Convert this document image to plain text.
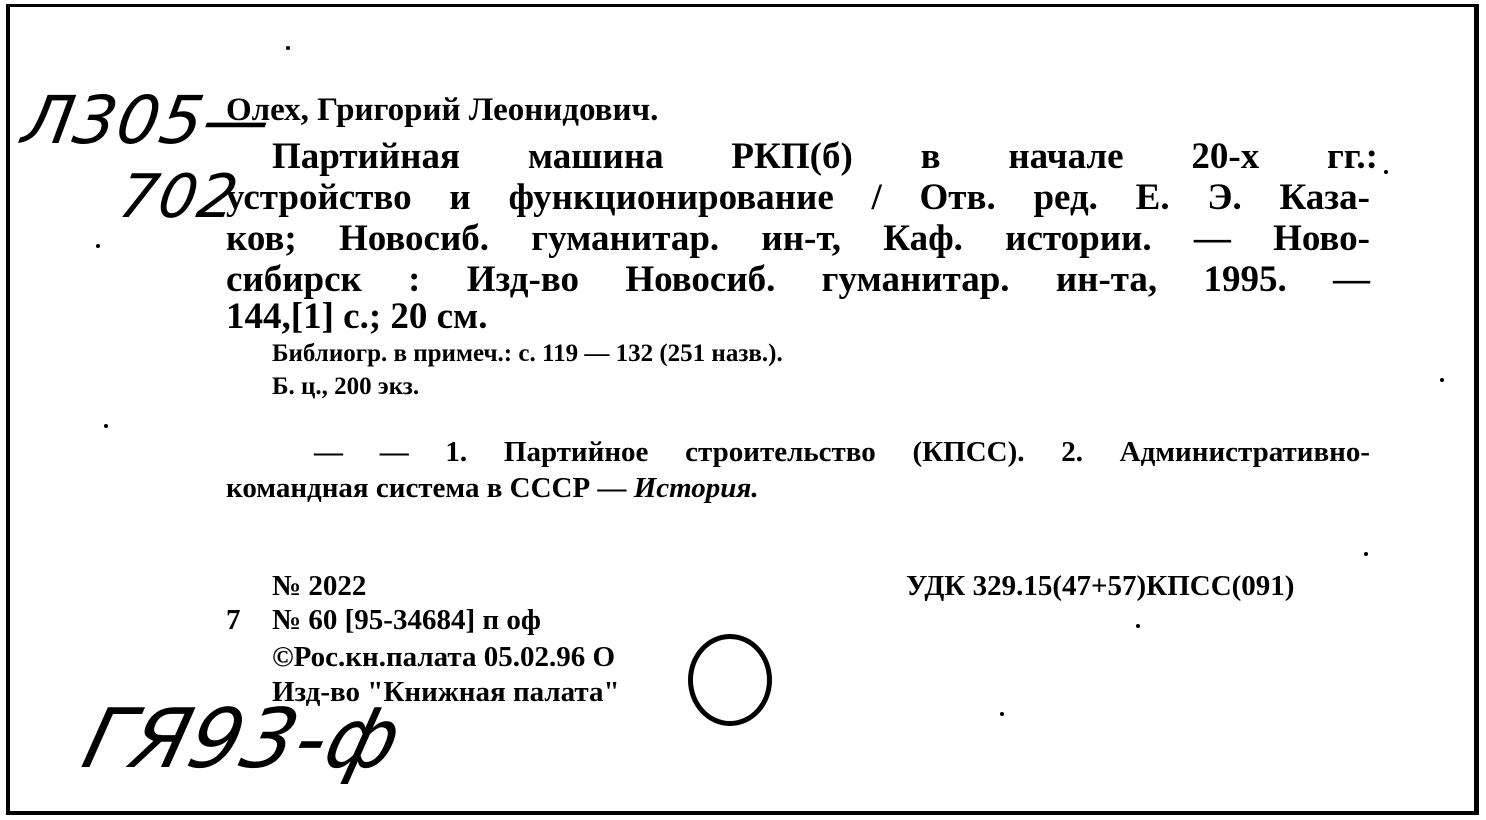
Л305—
702
Олех, Григорий Леонидович.
Партийная машина РКП(б) в начале 20-х гг.:
устройство и функционирование / Отв. ред. Е. Э. Каза-
ков; Новосиб. гуманитар. ин-т, Каф. истории. — Ново-
сибирск : Изд-во Новосиб. гуманитар. ин-та, 1995. —
144,[1] с.; 20 см.
Библиогр. в примеч.: с. 119 — 132 (251 назв.).
Б. ц., 200 экз.
— — 1. Партийное строительство (КПСС). 2. Административно-
командная система в СССР — История.
№ 2022	УДК 329.15(47+57)КПСС(091)
7 № 60 [95-34684] п оф
©Рос.кн.палата 05.02.96 О
Изд-во "Книжная палата"
ГЯ93-ф
